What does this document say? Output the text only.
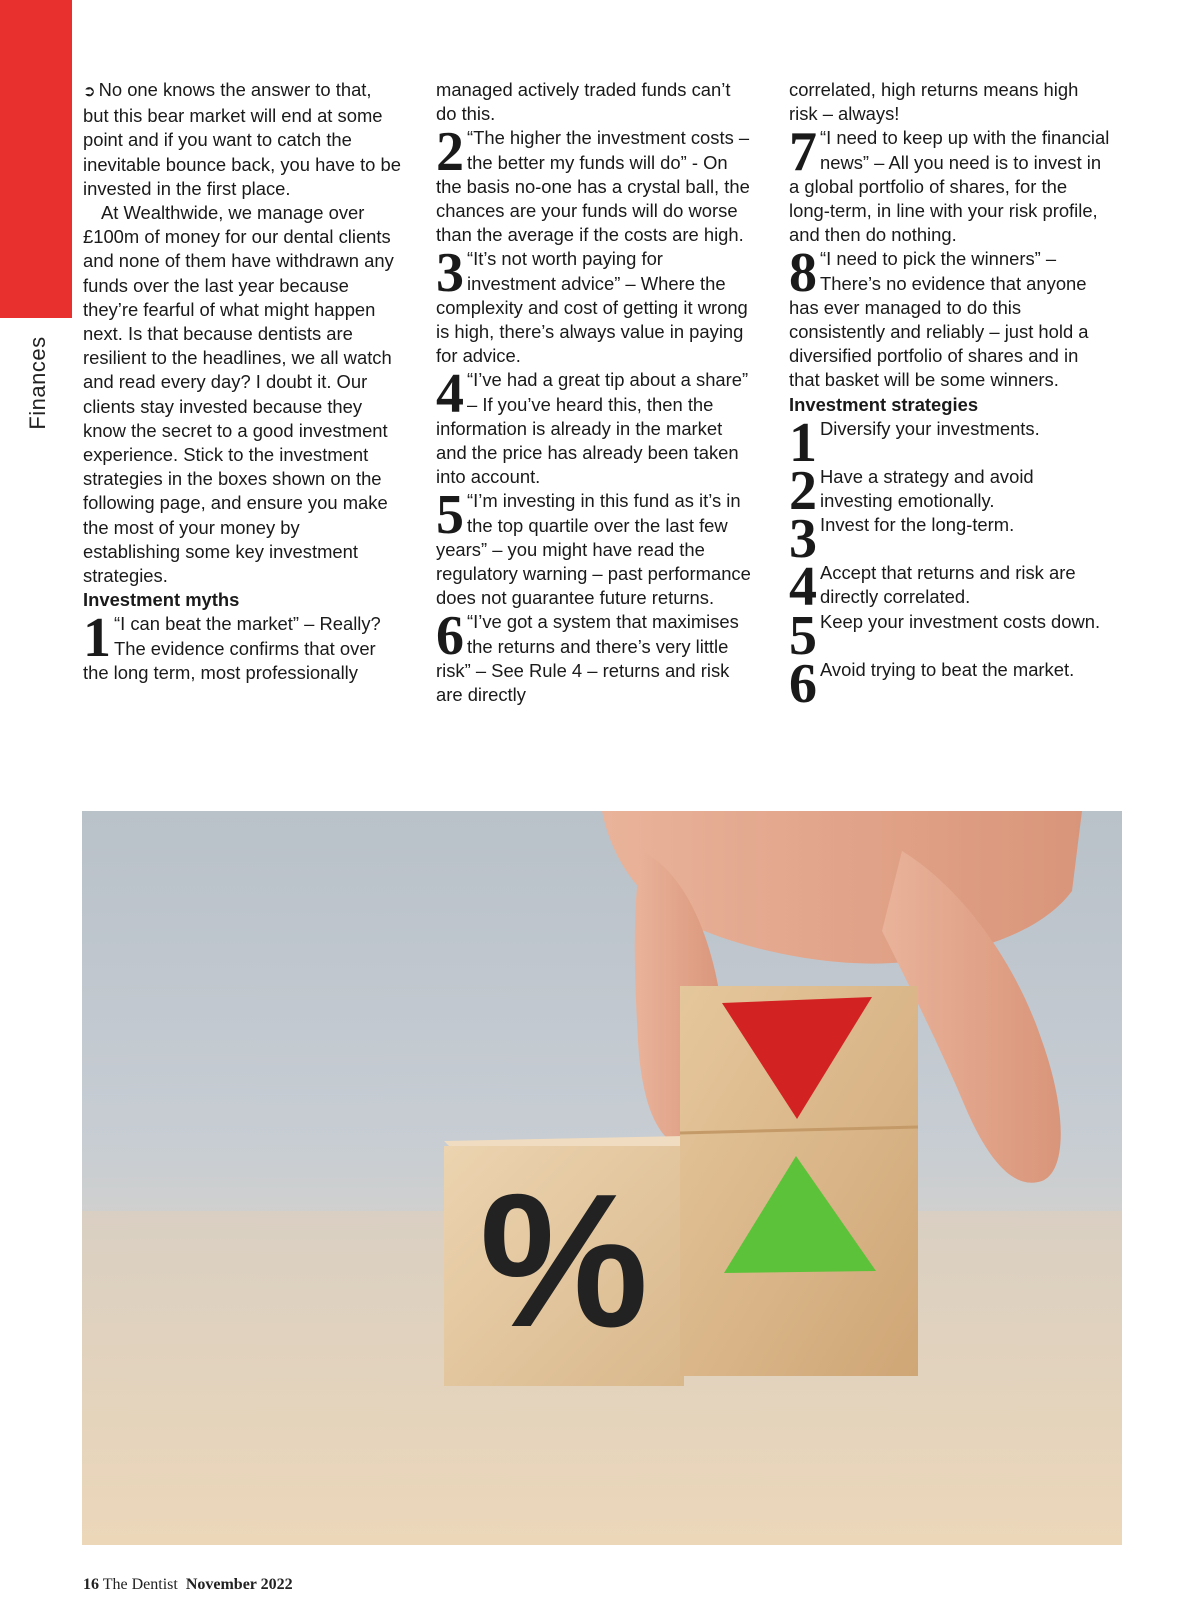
Finances

➲ No one knows the answer to that, but this bear market will end at some point and if you want to catch the inevitable bounce back, you have to be invested in the first place.

At Wealthwide, we manage over £100m of money for our dental clients and none of them have withdrawn any funds over the last year because they’re fearful of what might happen next. Is that because dentists are resilient to the headlines, we all watch and read every day? I doubt it. Our clients stay invested because they know the secret to a good investment experience. Stick to the investment strategies in the boxes shown on the following page, and ensure you make the most of your money by establishing some key investment strategies.

Investment myths

1 “I can beat the market” – Really? The evidence confirms that over the long term, most professionally

managed actively traded funds can’t do this.

2 “The higher the investment costs – the better my funds will do” - On the basis no-one has a crystal ball, the chances are your funds will do worse than the average if the costs are high.
3 “It’s not worth paying for investment advice” – Where the complexity and cost of getting it wrong is high, there’s always value in paying for advice.
4 “I’ve had a great tip about a share” – If you’ve heard this, then the information is already in the market and the price has already been taken into account.
5 “I’m investing in this fund as it’s in the top quartile over the last few years” – you might have read the regulatory warning – past performance does not guarantee future returns.
6 “I’ve got a system that maximises the returns and there’s very little risk” – See Rule 4 – returns and risk are directly

correlated, high returns means high risk – always!

7 “I need to keep up with the financial news” – All you need is to invest in a global portfolio of shares, for the long-term, in line with your risk profile, and then do nothing.
8 “I need to pick the winners” – There’s no evidence that anyone has ever managed to do this consistently and reliably – just hold a diversified portfolio of shares and in that basket will be some winners.

Investment strategies

1 Diversify your investments.
2 Have a strategy and avoid investing emotionally.
3 Invest for the long-term.
4 Accept that returns and risk are directly correlated.
5 Keep your investment costs down.
6 Avoid trying to beat the market.
%
16 The Dentist November 2022
